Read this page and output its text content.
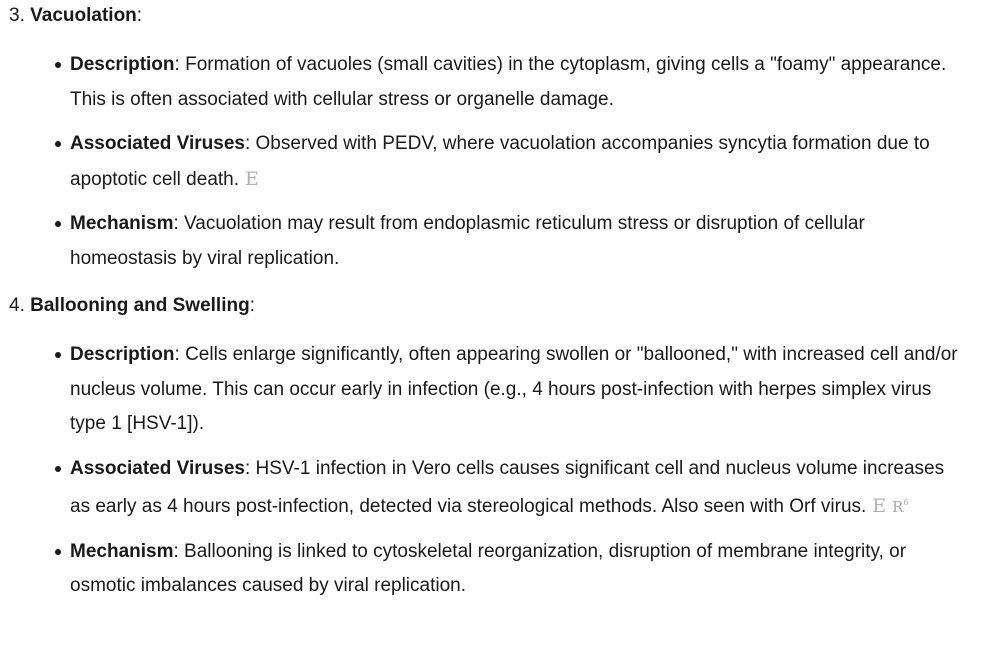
3. Vacuolation:
Description: Formation of vacuoles (small cavities) in the cytoplasm, giving cells a "foamy" appearance. This is often associated with cellular stress or organelle damage.
Associated Viruses: Observed with PEDV, where vacuolation accompanies syncytia formation due to apoptotic cell death. E
Mechanism: Vacuolation may result from endoplasmic reticulum stress or disruption of cellular homeostasis by viral replication.
4. Ballooning and Swelling:
Description: Cells enlarge significantly, often appearing swollen or "ballooned," with increased cell and/or nucleus volume. This can occur early in infection (e.g., 4 hours post-infection with herpes simplex virus type 1 [HSV-1]).
Associated Viruses: HSV-1 infection in Vero cells causes significant cell and nucleus volume increases as early as 4 hours post-infection, detected via stereological methods. Also seen with Orf virus. E $R^6$
Mechanism: Ballooning is linked to cytoskeletal reorganization, disruption of membrane integrity, or osmotic imbalances caused by viral replication.
